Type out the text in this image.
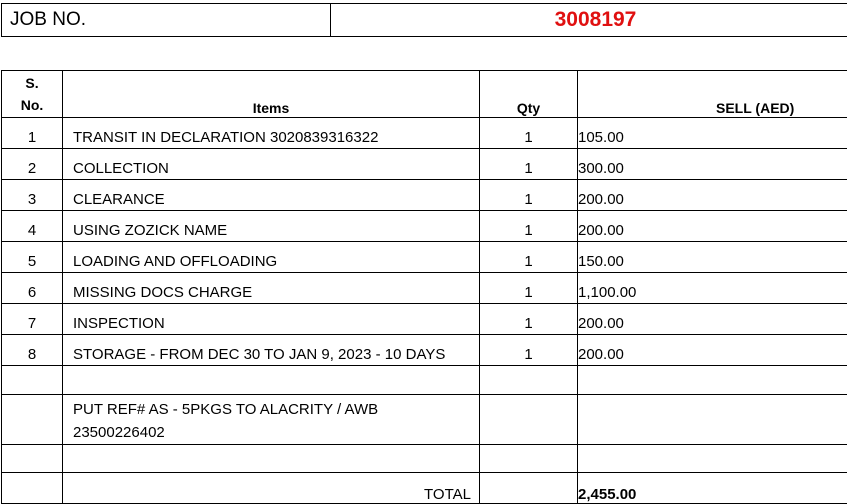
JOB NO.	3008197
S.
No.	Items	Qty	SELL (AED)
1	TRANSIT IN DECLARATION 3020839316322	1	105.00
2	COLLECTION	1	300.00
3	CLEARANCE	1	200.00
4	USING ZOZICK NAME	1	200.00
5	LOADING AND OFFLOADING	1	150.00
6	MISSING DOCS CHARGE	1	1,100.00
7	INSPECTION	1	200.00
8	STORAGE - FROM DEC 30 TO JAN 9, 2023 - 10 DAYS	1	200.00

	PUT REF# AS - 5PKGS TO ALACRITY / AWB
23500226402		

	TOTAL		2,455.00
